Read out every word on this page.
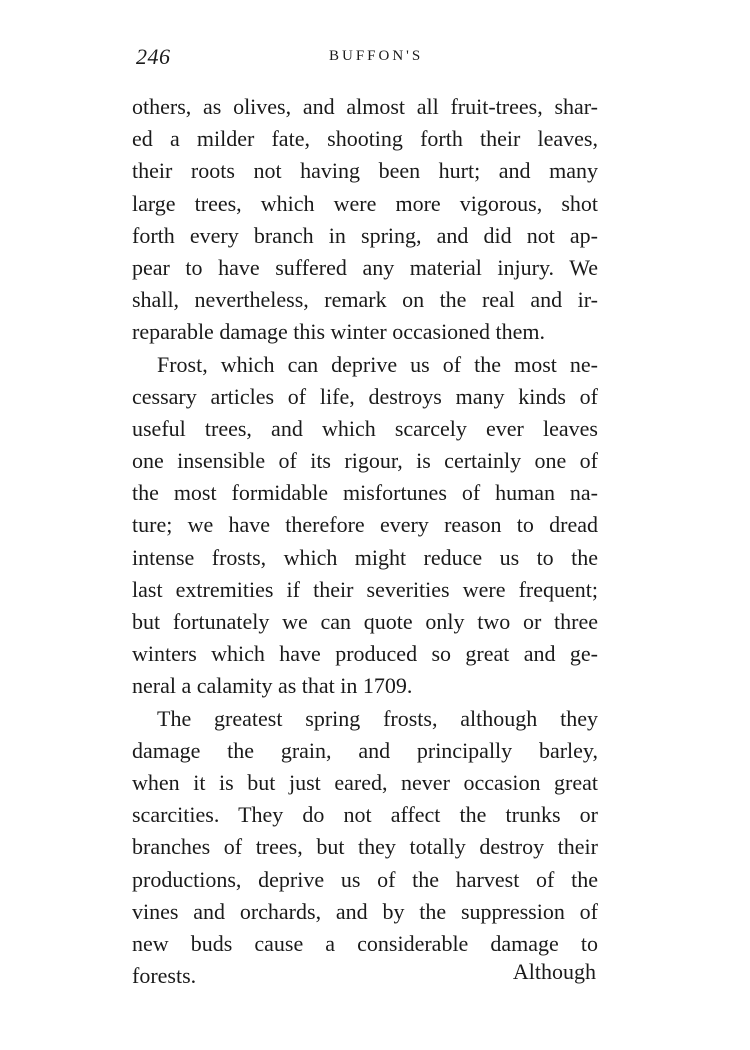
246	BUFFON'S
others, as olives, and almost all fruit-trees, shar-
ed a milder fate, shooting forth their leaves,
their roots not having been hurt; and many
large trees, which were more vigorous, shot
forth every branch in spring, and did not ap-
pear to have suffered any material injury. We
shall, nevertheless, remark on the real and ir-
reparable damage this winter occasioned them.
Frost, which can deprive us of the most ne-
cessary articles of life, destroys many kinds of
useful trees, and which scarcely ever leaves
one insensible of its rigour, is certainly one of
the most formidable misfortunes of human na-
ture; we have therefore every reason to dread
intense frosts, which might reduce us to the
last extremities if their severities were frequent;
but fortunately we can quote only two or three
winters which have produced so great and ge-
neral a calamity as that in 1709.
The greatest spring frosts, although they
damage the grain, and principally barley,
when it is but just eared, never occasion great
scarcities. They do not affect the trunks or
branches of trees, but they totally destroy their
productions, deprive us of the harvest of the
vines and orchards, and by the suppression of
new buds cause a considerable damage to
forests.	Although
